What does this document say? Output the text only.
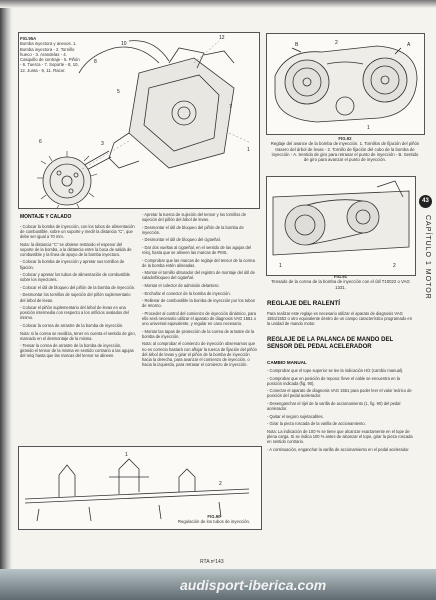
5
10
8
12
1
7
6	3
FIG.95A
Bomba inyectora y anexos. 1. Bomba inyectora - 2. Tornillo hueco - 3. Arandelas - 4. Casquillo de centraje - 5. Piñón - 6. Tuerca - 7. Soporte - 8, 10, 12. Junta - 9, 11. Racor.
B	2	A
1
FIG.92
Reglaje del avance de la bomba de inyección. 1. Tornillos de fijación del piñón trasero del árbol de levas - 2. Tornillo de fijación del cubo de la bomba de inyección - A. Sentido de giro para retrasar el punto de inyección - B. Sentido de giro para avanzar el punto de inyección.
MONTAJE Y CALADO

- Colocar la bomba de inyección, con los tubos de alimentación de combustible, sobre un soporte y medir la distancia "C", que debe ser igual a 70 mm.

Nota: la distancia "C" se obtiene restando el espesor del soporte de la bomba, a la distancia entre la boca de salida de combustible y la línea de apoyo de la bomba inyectora.

- Colocar la bomba de inyección y apretar sus tornillos de fijación.

- Colocar y apretar los tubos de alimentación de combustible sobre los inyectores.

- Colocar el útil de bloqueo del piñón de la bomba de inyección.

- Desmontar los tornillos de sujeción del piñón suplementario del árbol de levas.

- Colocar el piñón suplementario del árbol de levas en una posición intermedia con respecto a los orificios ovalados del mismo.

- Colocar la correa de arrastre de la bomba de inyección.

Nota: si la correa se reutiliza, tener en cuenta el sentido de giro, marcado en el desmontaje de la misma.

- Tensar la correa de arrastre de la bomba de inyección, girando el tensor de la misma en sentido contrario a las agujas del reloj hasta que las marcas del tensor se alineen.

- Apretar la tuerca de sujeción del tensor y los tornillos de sujeción del piñón del árbol de levas.

- Desmontar el útil de bloqueo del piñón de la bomba de inyección.

- Desmontar el útil de bloqueo del cigüeñal.

- Dar dos vueltas al cigüeñal, en el sentido de las agujas del reloj, hasta que se alineen las marcas de PMS.

- Comprobar que las marcas de reglaje del tensor de la correa de la bomba estén alineadas.

- Montar el tornillo obturador del registro de montaje del útil de calado/bloqueo del cigüeñal.

- Montar el colector de admisión delantero.

- Enchufar el conector de la bomba de inyección.

- Rellenar de combustible la bomba de inyección por los tubos de retorno.

- Proceder al control del comienzo de inyección dinámico, para ello será necesario utilizar el aparato de diagnosis VAG 1551 o uno universal equivalente, y regular en caso necesario.

- Montar las tapas de protección de la correa de arrastre de la bomba de inyección.

Nota: al comprobar el comienzo de inyección observamos que no es correcto bastará con aflojar la tuerca de fijación del piñón del árbol de levas y girar el piñón de la bomba de inyección hacia la derecha, para avanzar el comienzo de inyección, o hacia la izquierda, para retrasar el comienzo de inyección.

1	2
FIG.91
Tensado de la correa de la bomba de inyección con el útil T10022 o VAG 1331.
REGLAJE DEL RALENTÍ
Para realizar este reglaje es necesario utilizar el aparato de diagnosis VAG 1551/1552 o otro equivalente dentro de un campo característico programado en la unidad de mando motor.
REGLAJE DE LA PALANCA DE MANDO DEL SENSOR DEL PEDAL ACELERADOR
CAMBIO MANUAL

- Comprobar que el tope superior se lee la indicación H/2 (cambio manual).

- Comprobar que en posición de reposo: lleve el cable se encuentra en la posición indicada (fig. 90).

- Conectar el aparato de diagnosis VAG 1551 para poder leer el valor teórico de posición del pedal acelerador.

- Desenganchar el rijel de la varilla de accionamiento (1, fig. 90) del pedal acelerador.

- Quitar el seguro sujetacables.

- Girar la pieza roscada de la varilla de accionamiento.

Nota: La indicación de 100 % se tiene que alcanzar exactamente en el tope de plena carga. Si se indica 100 % antes de alcanzar el tope, girar la pieza roscada en sentido contrario.

- A continuación, enganchar la varilla de accionamiento en el pedal acelerador.

1
2
FIG.90
Regulación de los tubos de inyección.
43
CAPÍTULO 1 MOTOR
RTA nº143
audisport-iberica.com
